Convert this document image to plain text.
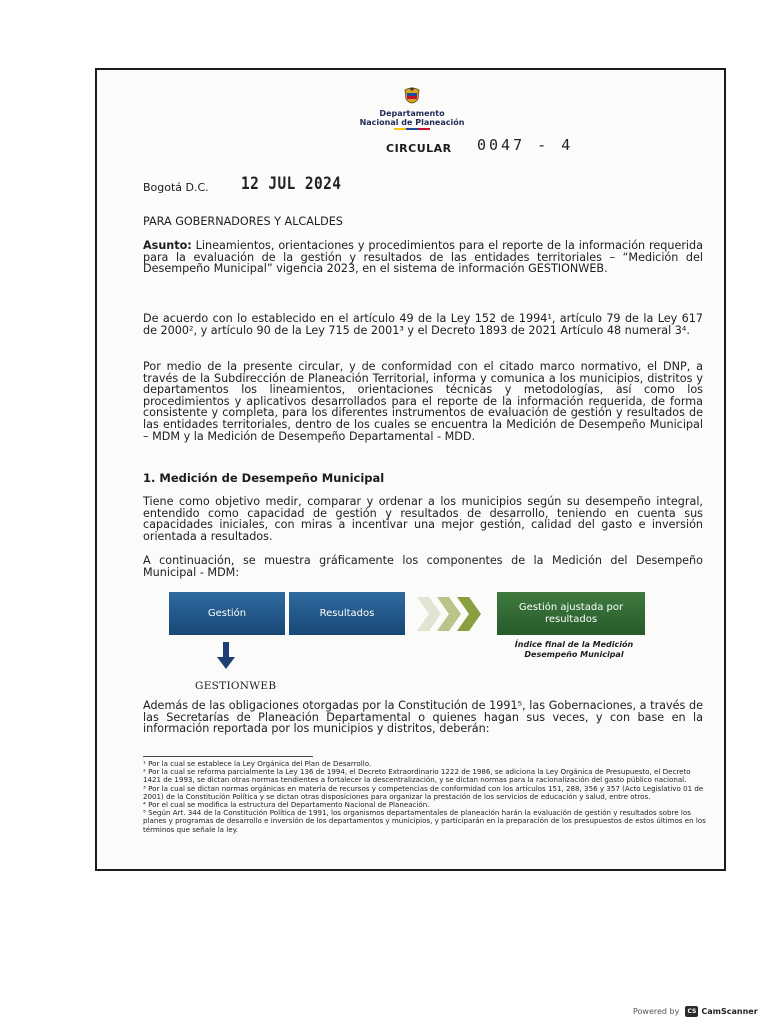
Departamento
Nacional de Planeación
CIRCULAR 0047 - 4
Bogotá D.C. 12 JUL 2024
PARA GOBERNADORES Y ALCALDES
Asunto: Lineamientos, orientaciones y procedimientos para el reporte de la información requerida para la evaluación de la gestión y resultados de las entidades territoriales – “Medición del Desempeño Municipal” vigencia 2023, en el sistema de información GESTIONWEB.
De acuerdo con lo establecido en el artículo 49 de la Ley 152 de 1994¹, artículo 79 de la Ley 617 de 2000², y artículo 90 de la Ley 715 de 2001³ y el Decreto 1893 de 2021 Artículo 48 numeral 3⁴.
Por medio de la presente circular, y de conformidad con el citado marco normativo, el DNP, a través de la Subdirección de Planeación Territorial, informa y comunica a los municipios, distritos y departamentos los lineamientos, orientaciones técnicas y metodologías, así como los procedimientos y aplicativos desarrollados para el reporte de la información requerida, de forma consistente y completa, para los diferentes instrumentos de evaluación de gestión y resultados de las entidades territoriales, dentro de los cuales se encuentra la Medición de Desempeño Municipal – MDM y la Medición de Desempeño Departamental - MDD.
1. Medición de Desempeño Municipal
Tiene como objetivo medir, comparar y ordenar a los municipios según su desempeño integral, entendido como capacidad de gestión y resultados de desarrollo, teniendo en cuenta sus capacidades iniciales, con miras a incentivar una mejor gestión, calidad del gasto e inversión orientada a resultados.
A continuación, se muestra gráficamente los componentes de la Medición del Desempeño Municipal - MDM:
Gestión	Resultados
Gestión ajustada por resultados
Índice final de la Medición Desempeño Municipal
GESTIONWEB
Además de las obligaciones otorgadas por la Constitución de 1991⁵, las Gobernaciones, a través de las Secretarías de Planeación Departamental o quienes hagan sus veces, y con base en la información reportada por los municipios y distritos, deberán:

¹ Por la cual se establece la Ley Orgánica del Plan de Desarrollo.

² Por la cual se reforma parcialmente la Ley 136 de 1994, el Decreto Extraordinario 1222 de 1986, se adiciona la Ley Orgánica de Presupuesto, el Decreto 1421 de 1993, se dictan otras normas tendientes a fortalecer la descentralización, y se dictan normas para la racionalización del gasto público nacional.

³ Por la cual se dictan normas orgánicas en materia de recursos y competencias de conformidad con los artículos 151, 288, 356 y 357 (Acto Legislativo 01 de 2001) de la Constitución Política y se dictan otras disposiciones para organizar la prestación de los servicios de educación y salud, entre otros.

⁴ Por el cual se modifica la estructura del Departamento Nacional de Planeación.

⁵ Según Art. 344 de la Constitución Política de 1991, los organismos departamentales de planeación harán la evaluación de gestión y resultados sobre los planes y programas de desarrollo e inversión de los departamentos y municipios, y participarán en la preparación de los presupuestos de estos últimos en los términos que señale la ley.

Powered by	CS CamScanner
